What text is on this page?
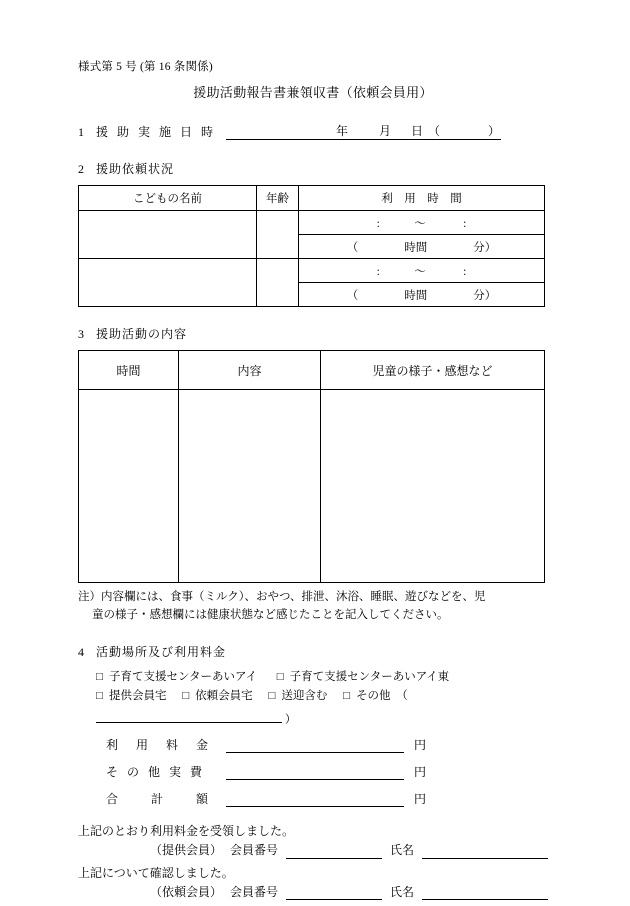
様式第 5 号 (第 16 条関係)
援助活動報告書兼領収書（依頼会員用）
1	援 助 実 施 日 時	年	月	日 （	）
2	援助依頼状況
こどもの名前	年齢	利　用　時　間
		:　　　～　　　 :
		（　　　　時間　　　　分）
		:　　　～　　　 :
		（　　　　時間　　　　分）
3	援助活動の内容
時間	内容	児童の様子・感想など

注）内容欄には、食事（ミルク）、おやつ、排泄、沐浴、睡眠、遊びなどを、児
童の様子・感想欄には健康状態など感じたことを記入してください。
4	活動場所及び利用料金
□ 子育て支援センターあいアイ □ 子育て支援センターあいアイ東
□ 提供会員宅 □ 依頼会員宅 □ 送迎含む □ その他　（  ）
利　用　料　金	円
そ の 他 実 費	円
合　　計　　額	円
上記のとおり利用料金を受領しました。
（提供会員） 会員番号	氏名
上記について確認しました。
（依頼会員） 会員番号	氏名
